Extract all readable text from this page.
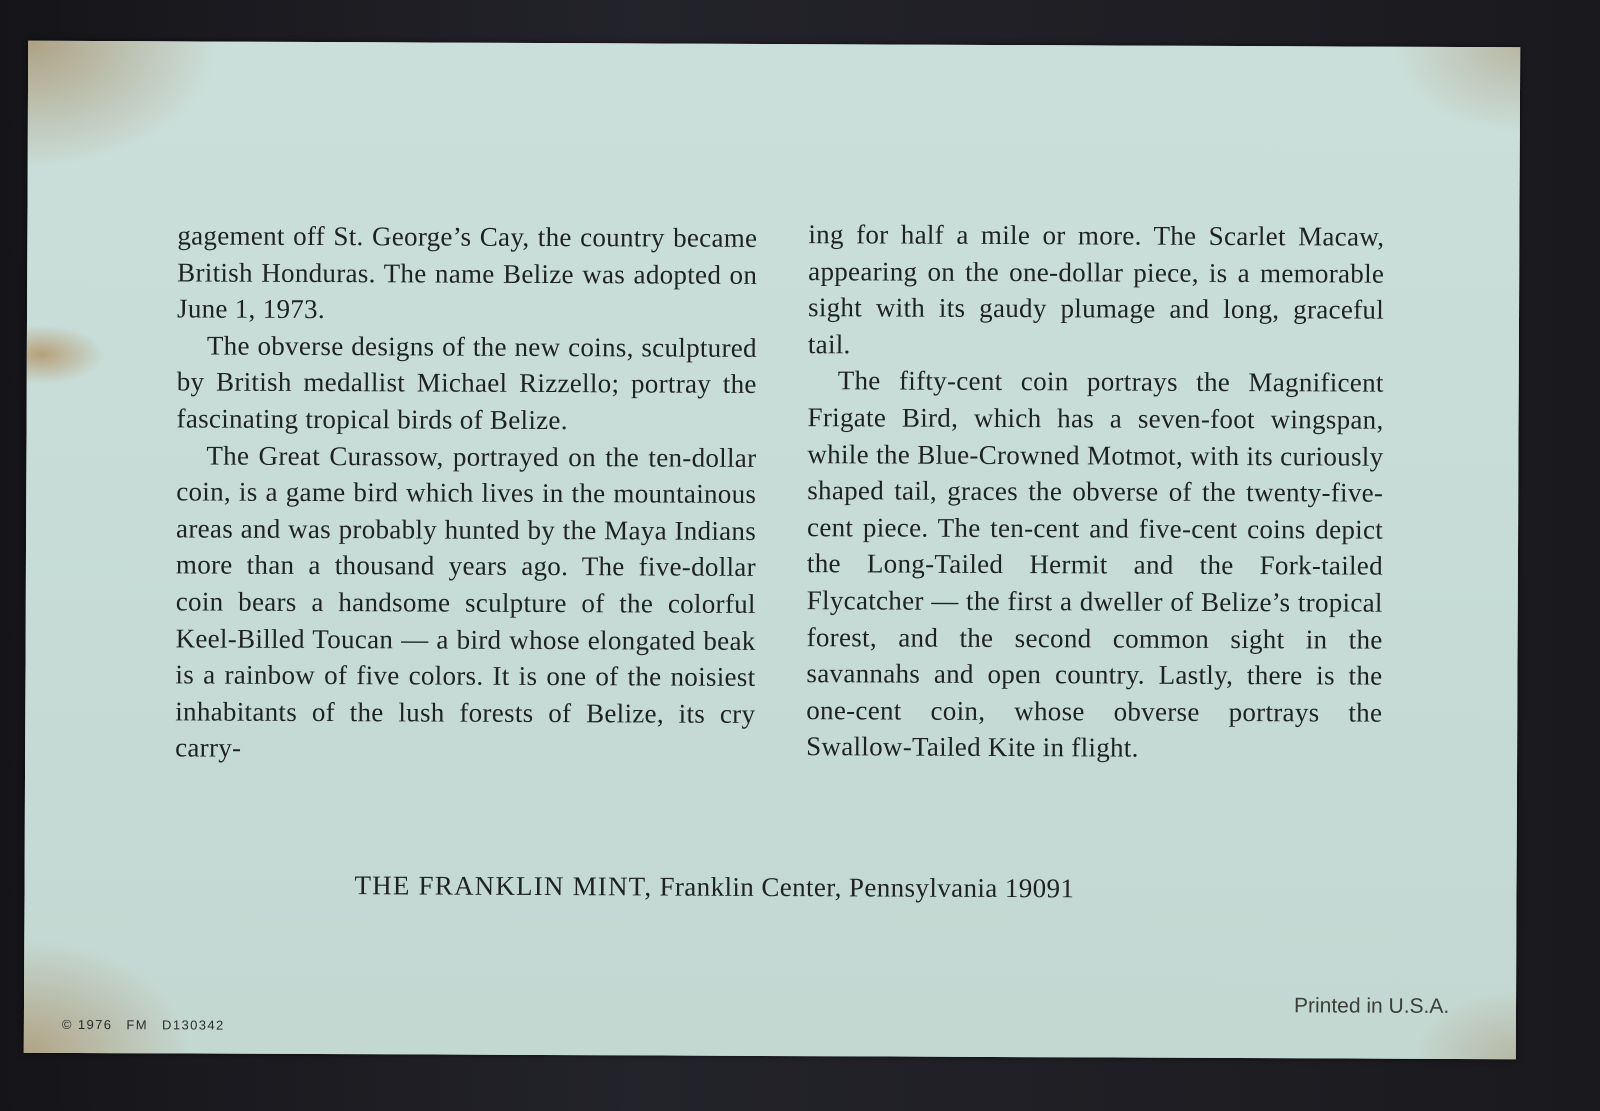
gagement off St. George’s Cay, the country became British Honduras. The name Belize was adopted on June 1, 1973.

The obverse designs of the new coins, sculptured by British medallist Michael Rizzello; portray the fascinating tropical birds of Belize.

The Great Curassow, portrayed on the ten-dollar coin, is a game bird which lives in the mountainous areas and was probably hunted by the Maya Indians more than a thousand years ago. The five-dollar coin bears a handsome sculpture of the colorful Keel-Billed Toucan — a bird whose elongated beak is a rainbow of five colors. It is one of the noisiest inhabitants of the lush forests of Belize, its cry carry-

ing for half a mile or more. The Scarlet Macaw, appearing on the one-dollar piece, is a memorable sight with its gaudy plumage and long, graceful tail.

The fifty-cent coin portrays the Magnificent Frigate Bird, which has a seven-foot wingspan, while the Blue-Crowned Motmot, with its curiously shaped tail, graces the obverse of the twenty-five-cent piece. The ten-cent and five-cent coins depict the Long-Tailed Hermit and the Fork-tailed Flycatcher — the first a dweller of Belize’s tropical forest, and the second common sight in the savannahs and open country. Lastly, there is the one-cent coin, whose obverse portrays the Swallow-Tailed Kite in flight.

THE FRANKLIN MINT, Franklin Center, Pennsylvania 19091
© 1976 FM D130342
Printed in U.S.A.
